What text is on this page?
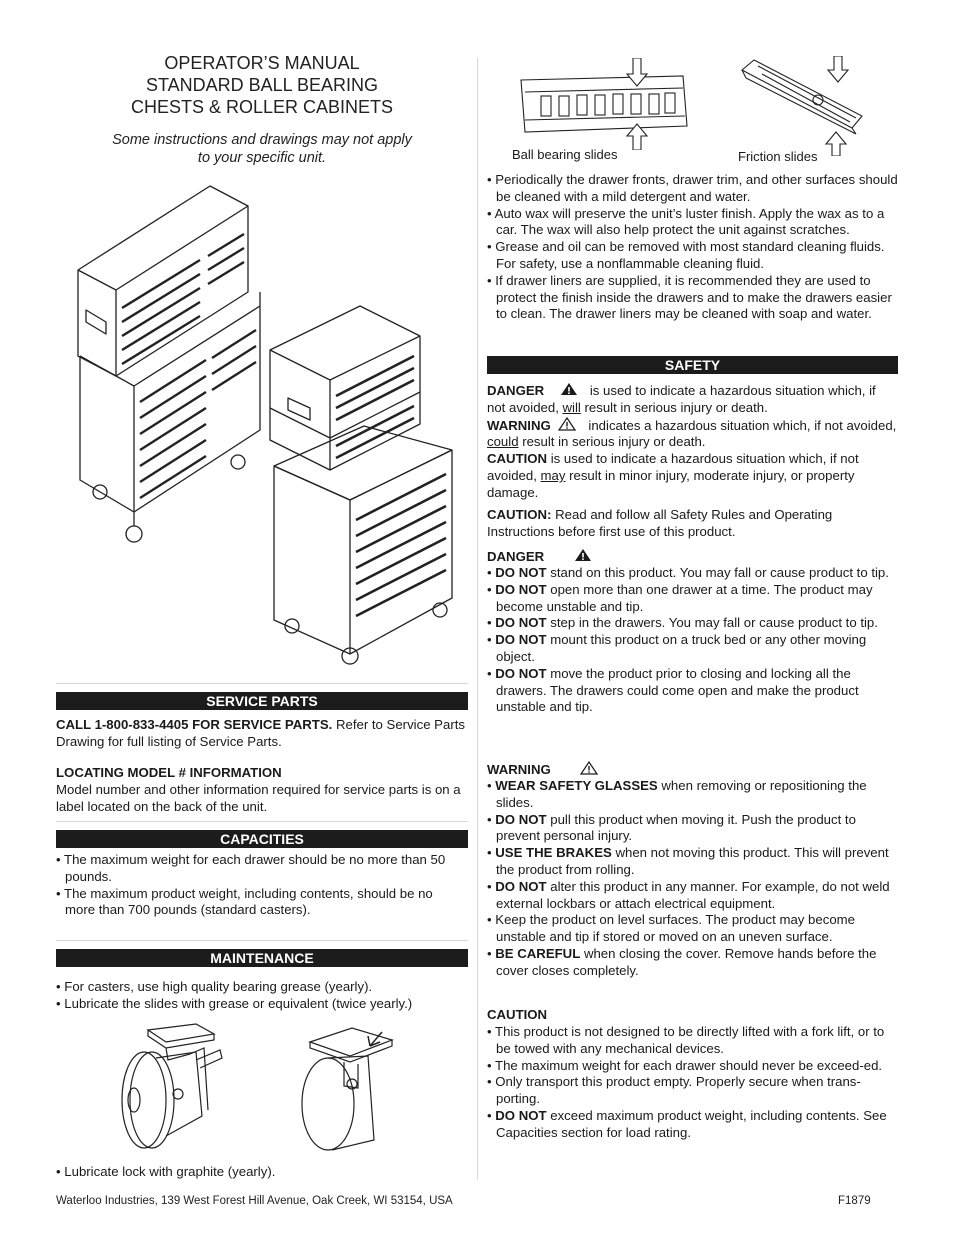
OPERATOR’S MANUAL
STANDARD BALL BEARING
CHESTS & ROLLER CABINETS
Some instructions and drawings may not apply
to your specific unit.
SERVICE PARTS
CALL 1-800-833-4405 FOR SERVICE PARTS. Refer to Service Parts Drawing for full listing of Service Parts.
LOCATING MODEL # INFORMATION
Model number and other information required for service parts is on a label located on the back of the unit.
CAPACITIES
• The maximum weight for each drawer should be no more than 50 pounds.
• The maximum product weight, including contents, should be no more than 700 pounds (standard casters).
MAINTENANCE
• For casters, use high quality bearing grease (yearly).
• Lubricate the slides with grease or equivalent (twice yearly.)
• Lubricate lock with graphite (yearly).
Ball bearing slides	Friction slides
• Periodically the drawer fronts, drawer trim, and other surfaces should be cleaned with a mild detergent and water.
• Auto wax will preserve the unit’s luster finish. Apply the wax as to a car. The wax will also help protect the unit against scratches.
• Grease and oil can be removed with most standard cleaning fluids. For safety, use a nonflammable cleaning fluid.
• If drawer liners are supplied, it is recommended they are used to protect the finish inside the drawers and to make the drawers easier to clean. The drawer liners may be cleaned with soap and water.
SAFETY
DANGER	is used to indicate a hazardous situation which, if not avoided, will result in serious injury or death.
WARNING	indicates a hazardous situation which, if not avoided, could result in serious injury or death.
CAUTION is used to indicate a hazardous situation which, if not avoided, may result in minor injury, moderate injury, or property damage.
CAUTION: Read and follow all Safety Rules and Operating Instructions before first use of this product.
DANGER
• DO NOT stand on this product. You may fall or cause product to tip.
• DO NOT open more than one drawer at a time. The product may become unstable and tip.
• DO NOT step in the drawers. You may fall or cause product to tip.
• DO NOT mount this product on a truck bed or any other moving object.
• DO NOT move the product prior to closing and locking all the drawers. The drawers could come open and make the product unstable and tip.
WARNING
• WEAR SAFETY GLASSES when removing or repositioning the slides.
• DO NOT pull this product when moving it. Push the product to prevent personal injury.
• USE THE BRAKES when not moving this product. This will prevent the product from rolling.
• DO NOT alter this product in any manner. For example, do not weld external lockbars or attach electrical equipment.
• Keep the product on level surfaces. The product may become unstable and tip if stored or moved on an uneven surface.
• BE CAREFUL when closing the cover. Remove hands before the cover closes completely.
CAUTION
• This product is not designed to be directly lifted with a fork lift, or to be towed with any mechanical devices.
• The maximum weight for each drawer should never be exceed-ed.
• Only transport this product empty. Properly secure when trans-porting.
• DO NOT exceed maximum product weight, including contents. See Capacities section for load rating.
Waterloo Industries, 139 West Forest Hill Avenue, Oak Creek, WI 53154, USA	F1879
